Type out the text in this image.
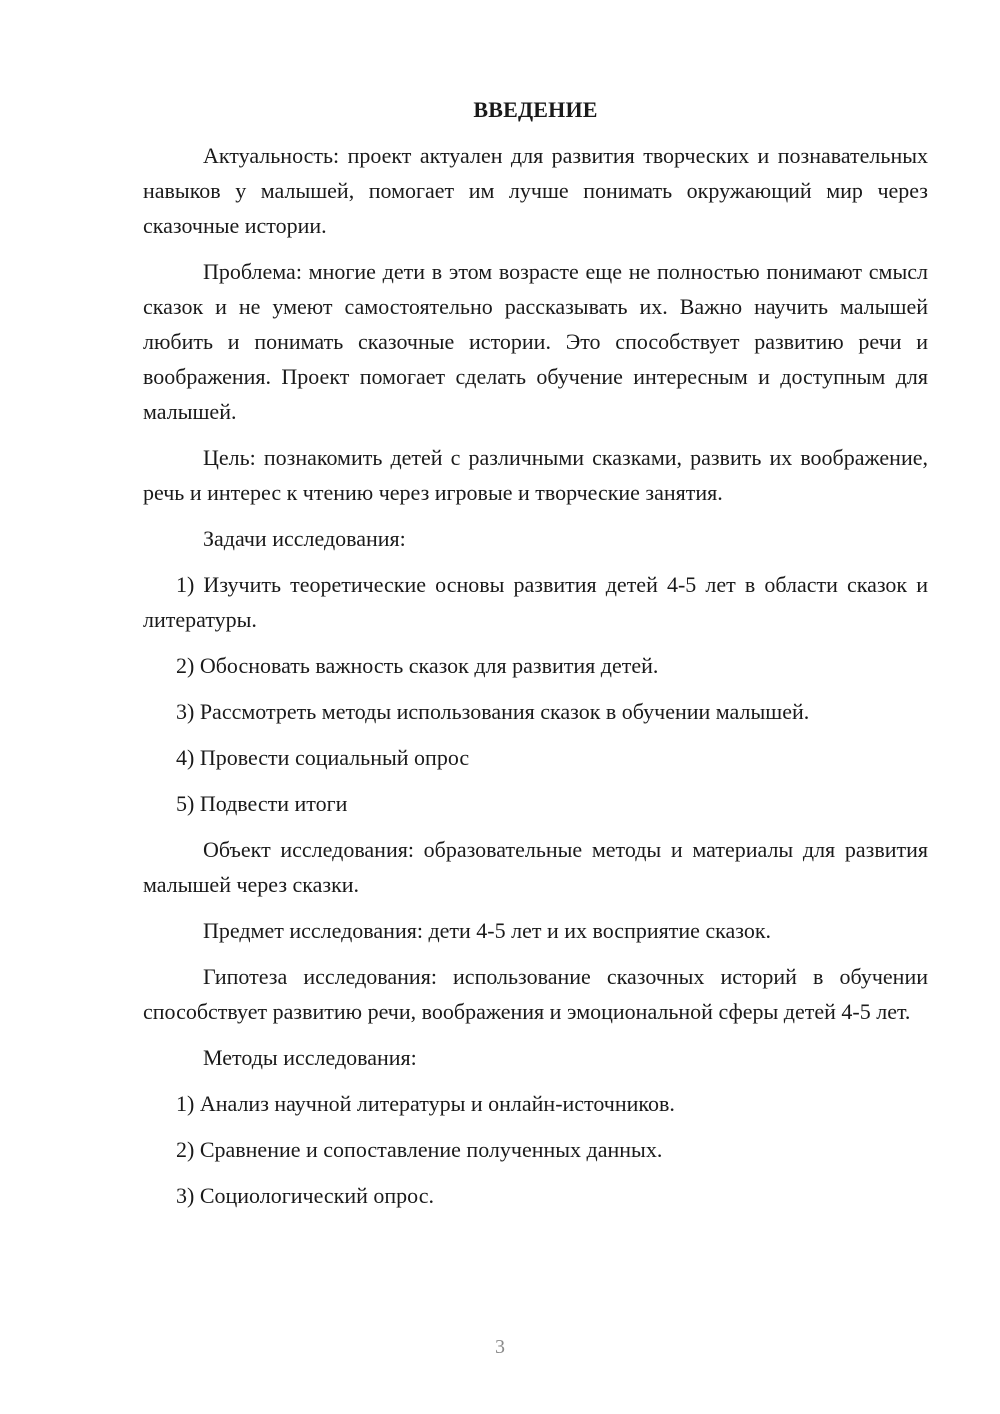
ВВЕДЕНИЕ

Актуальность: проект актуален для развития творческих и познавательных навыков у малышей, помогает им лучше понимать окружающий мир через сказочные истории.

Проблема: многие дети в этом возрасте еще не полностью понимают смысл сказок и не умеют самостоятельно рассказывать их. Важно научить малышей любить и понимать сказочные истории. Это способствует развитию речи и воображения. Проект помогает сделать обучение интересным и доступным для малышей.

Цель: познакомить детей с различными сказками, развить их воображение, речь и интерес к чтению через игровые и творческие занятия.

Задачи исследования:

1) Изучить теоретические основы развития детей 4-5 лет в области сказок и литературы.

2) Обосновать важность сказок для развития детей.

3) Рассмотреть методы использования сказок в обучении малышей.

4) Провести социальный опрос

5) Подвести итоги

Объект исследования: образовательные методы и материалы для развития малышей через сказки.

Предмет исследования: дети 4-5 лет и их восприятие сказок.

Гипотеза исследования: использование сказочных историй в обучении способствует развитию речи, воображения и эмоциональной сферы детей 4-5 лет.

Методы исследования:

1) Анализ научной литературы и онлайн-источников.

2) Сравнение и сопоставление полученных данных.

3) Социологический опрос.

3
